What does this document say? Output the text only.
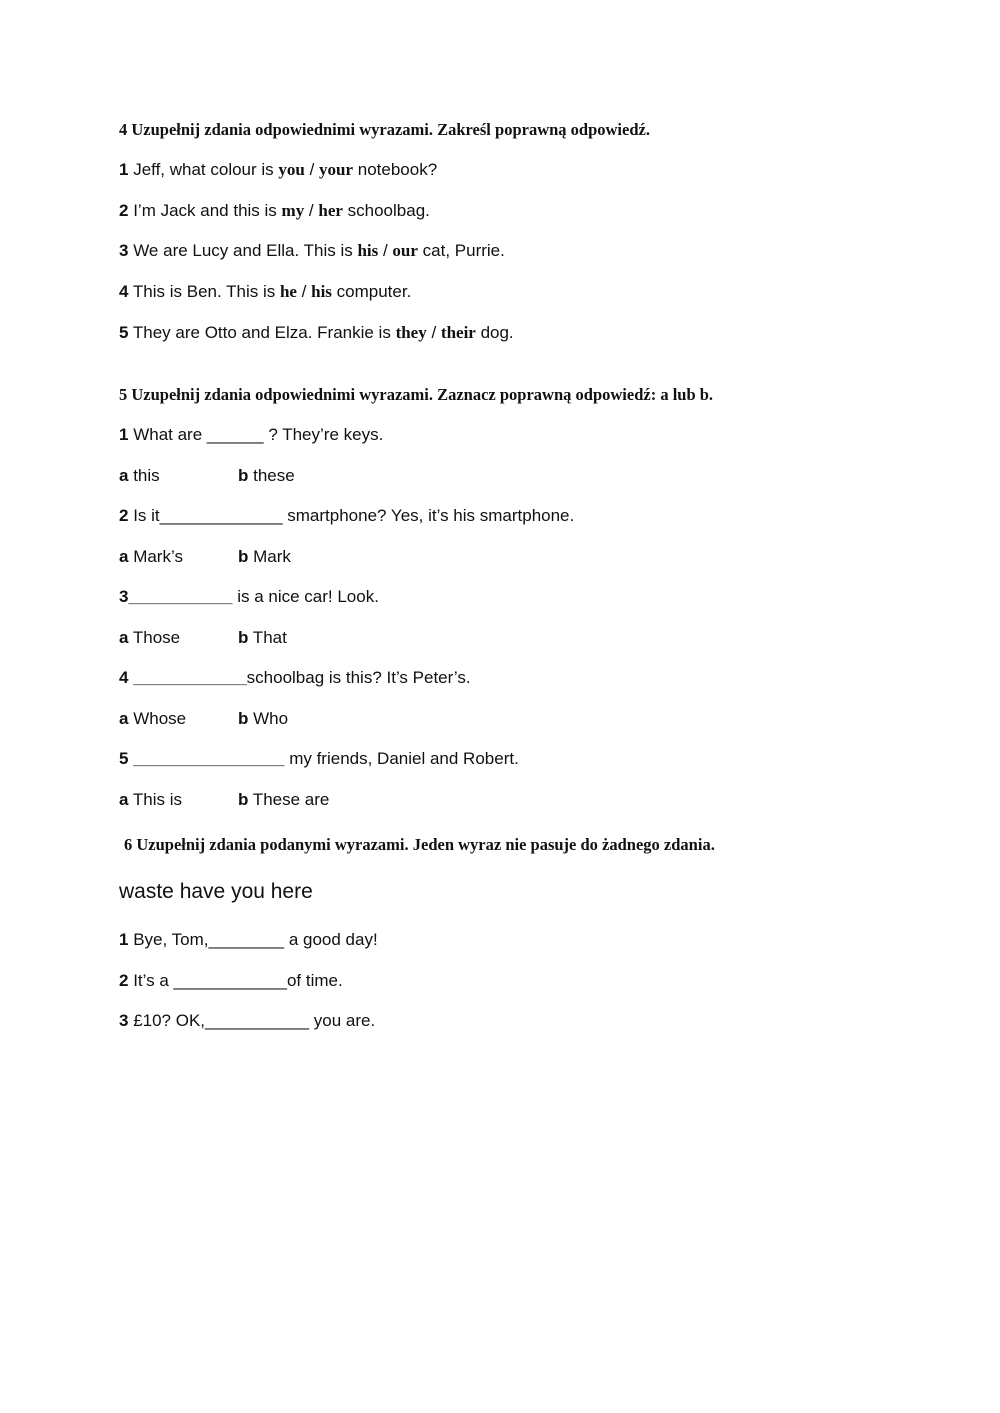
4 Uzupełnij zdania odpowiednimi wyrazami. Zakreśl poprawną odpowiedź.
1 Jeff, what colour is you / your notebook?
2 I’m Jack and this is my / her schoolbag.
3 We are Lucy and Ella. This is his / our cat, Purrie.
4 This is Ben. This is he / his computer.
5 They are Otto and Elza. Frankie is they / their dog.
5 Uzupełnij zdania odpowiednimi wyrazami. Zaznacz poprawną odpowiedź: a lub b.
1 What are ______ ? They’re keys.
a this	b these
2 Is it_____________ smartphone? Yes, it’s his smartphone.
a Mark’s	b Mark
3___________ is a nice car! Look.
a Those	b That
4 ____________schoolbag is this? It’s Peter’s.
a Whose	b Who
5 ________________ my friends, Daniel and Robert.
a This is	b These are
6 Uzupełnij zdania podanymi wyrazami. Jeden wyraz nie pasuje do żadnego zdania.
waste have you here
1 Bye, Tom,________ a good day!
2 It’s a ____________of time.
3 £10? OK,___________ you are.
